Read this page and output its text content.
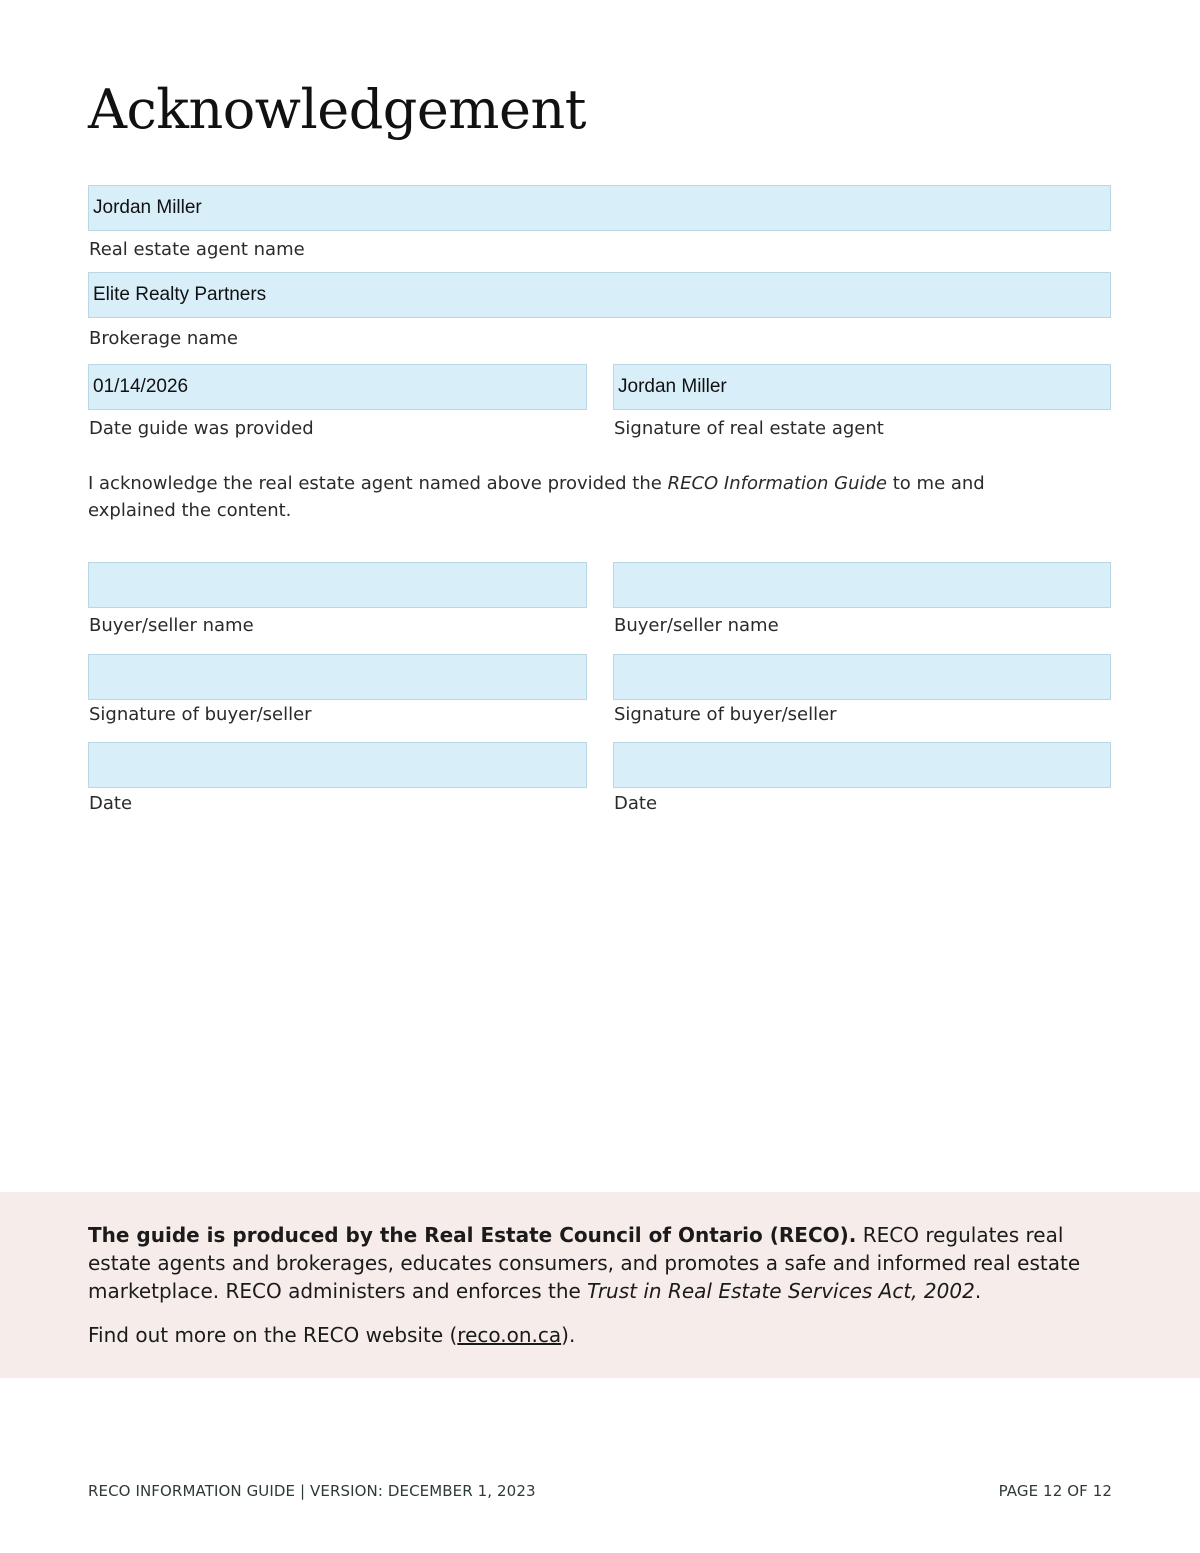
Acknowledgement
Jordan Miller
Real estate agent name
Elite Realty Partners
Brokerage name
01/14/2026	Jordan Miller
Date guide was provided	Signature of real estate agent

I acknowledge the real estate agent named above provided the RECO Information Guide to me and explained the content.

Buyer/seller name	Buyer/seller name
Signature of buyer/seller	Signature of buyer/seller
Date	Date

The guide is produced by the Real Estate Council of Ontario (RECO). RECO regulates real estate agents and brokerages, educates consumers, and promotes a safe and informed real estate marketplace. RECO administers and enforces the Trust in Real Estate Services Act, 2002.

Find out more on the RECO website (reco.on.ca).

RECO INFORMATION GUIDE | VERSION: DECEMBER 1, 2023	PAGE 12 OF 12
